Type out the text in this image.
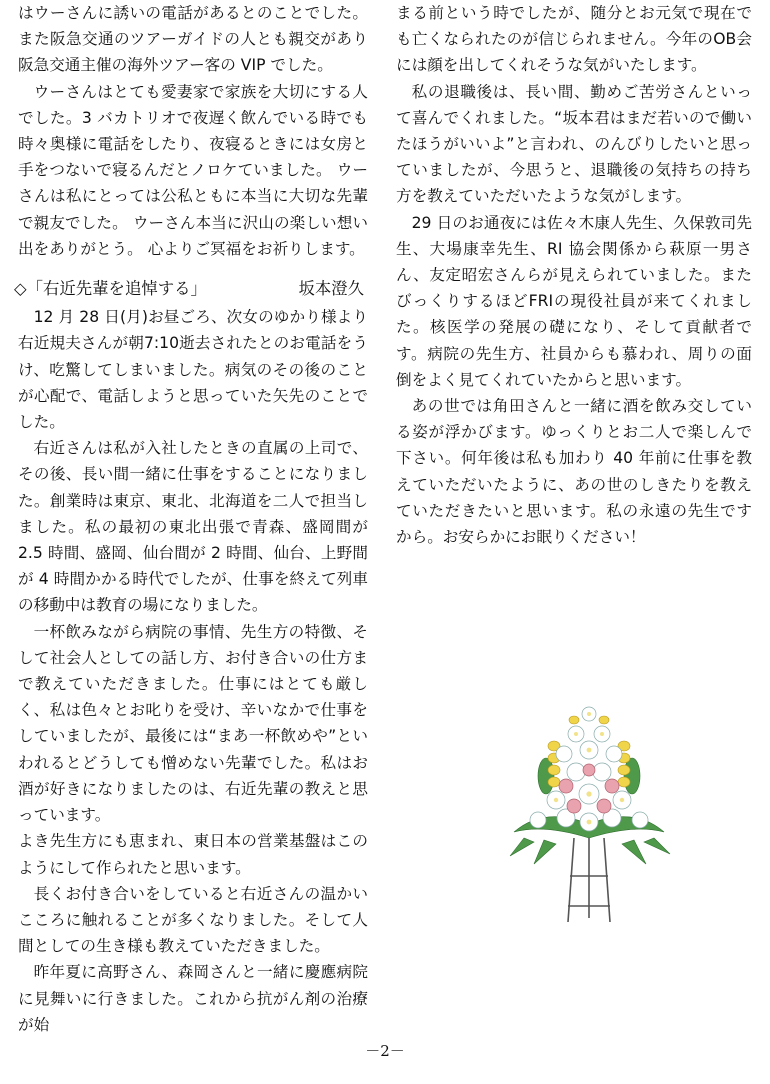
はウーさんに誘いの電話があるとのことでした。また阪急交通のツアーガイドの人とも親交があり阪急交通主催の海外ツアー客の VIP でした。

ウーさんはとても愛妻家で家族を大切にする人でした。3 バカトリオで夜遅く飲んでいる時でも時々奥様に電話をしたり、夜寝るときには女房と手をつないで寝るんだとノロケていました。 ウーさんは私にとっては公私ともに本当に大切な先輩で親友でした。 ウーさん本当に沢山の楽しい想い出をありがとう。 心よりご冥福をお祈りします。

◇「右近先輩を追悼する」	坂本澄久

12 月 28 日(月)お昼ごろ、次女のゆかり様より右近規夫さんが朝7:10逝去されたとのお電話をうけ、吃驚してしまいました。病気のその後のことが心配で、電話しようと思っていた矢先のことでした。

右近さんは私が入社したときの直属の上司で、その後、長い間一緒に仕事をすることになりました。創業時は東京、東北、北海道を二人で担当しました。私の最初の東北出張で青森、盛岡間が 2.5 時間、盛岡、仙台間が 2 時間、仙台、上野間が 4 時間かかる時代でしたが、仕事を終えて列車の移動中は教育の場になりました。

一杯飲みながら病院の事情、先生方の特徴、そして社会人としての話し方、お付き合いの仕方まで教えていただきました。仕事にはとても厳しく、私は色々とお叱りを受け、辛いなかで仕事をしていましたが、最後には“まあ一杯飲めや”といわれるとどうしても憎めない先輩でした。私はお酒が好きになりましたのは、右近先輩の教えと思っています。

よき先生方にも恵まれ、東日本の営業基盤はこのようにして作られたと思います。

長くお付き合いをしていると右近さんの温かいこころに触れることが多くなりました。そして人間としての生き様も教えていただきました。

昨年夏に高野さん、森岡さんと一緒に慶應病院に見舞いに行きました。これから抗がん剤の治療が始

まる前という時でしたが、随分とお元気で現在でも亡くなられたのが信じられません。今年のOB会には顔を出してくれそうな気がいたします。

私の退職後は、長い間、勤めご苦労さんといって喜んでくれました。“坂本君はまだ若いので働いたほうがいいよ”と言われ、のんびりしたいと思っていましたが、今思うと、退職後の気持ちの持ち方を教えていただいたような気がします。

29 日のお通夜には佐々木康人先生、久保敦司先生、大場康幸先生、RI 協会関係から萩原一男さん、友定昭宏さんらが見えられていました。またびっくりするほどFRIの現役社員が来てくれました。核医学の発展の礎になり、そして貢献者です。病院の先生方、社員からも慕われ、周りの面倒をよく見てくれていたからと思います。

あの世では角田さんと一緒に酒を飲み交している姿が浮かびます。ゆっくりとお二人で楽しんで下さい。何年後は私も加わり 40 年前に仕事を教えていただいたように、あの世のしきたりを教えていただきたいと思います。私の永遠の先生ですから。お安らかにお眠りください！

－2－
